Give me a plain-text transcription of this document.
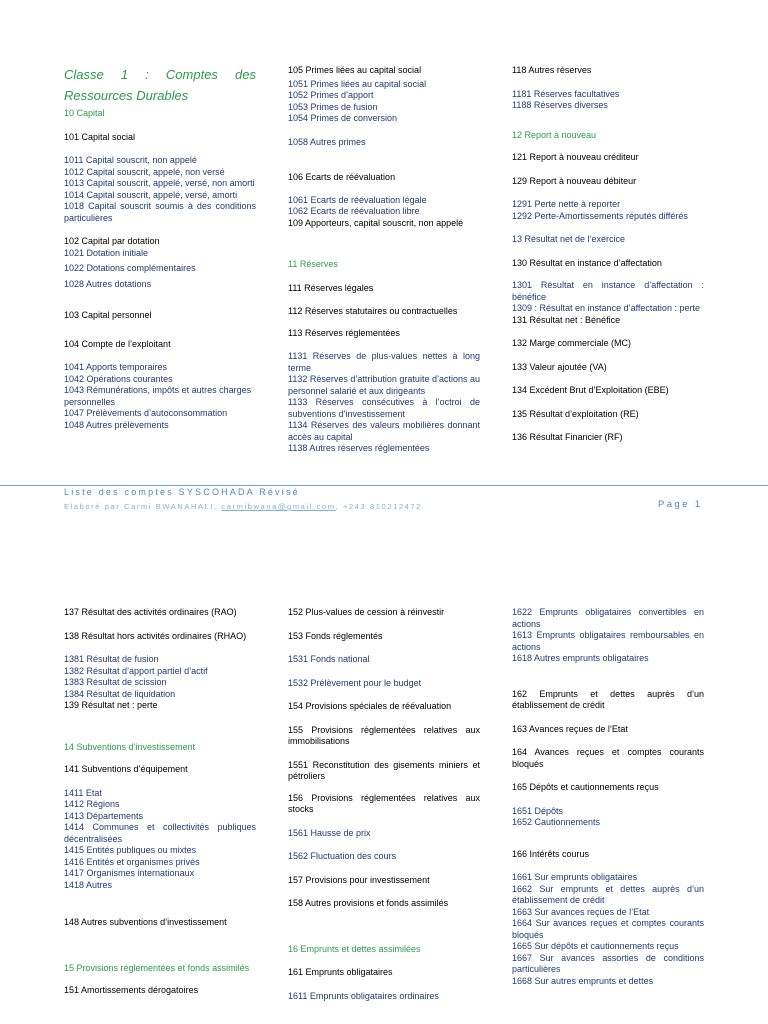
Classe 1 : Comptes des

Ressources Durables

10 Capital

101 Capital social

1011 Capital souscrit, non appelé

1012 Capital souscrit, appelé, non versé

1013 Capital souscrit, appelé, versé, non amorti

1014 Capital souscrit, appelé, versé, amorti

1018 Capital souscrit soumis à des conditions particulières

102 Capital par dotation

1021 Dotation initiale

1022 Dotations complémentaires

1028 Autres dotations

103 Capital personnel

104 Compte de l’exploitant

1041 Apports temporaires

1042 Opérations courantes

1043 Rémunérations, impôts et autres charges personnelles

1047 Prélèvements d’autoconsommation

1048 Autres prélèvements

105 Primes liées au capital social

1051 Primes liées au capital social

1052 Primes d’apport

1053 Primes de fusion

1054 Primes de conversion

1058 Autres primes

106 Ecarts de réévaluation

1061 Ecarts de réévaluation légale

1062 Ecarts de réévaluation libre

109 Apporteurs, capital souscrit, non appelé

11 Réserves

111 Réserves légales

112 Réserves statutaires ou contractuelles

113 Réserves réglementées

1131 Réserves de plus-values nettes à long terme

1132 Réserves d’attribution gratuite d’actions au personnel salarié et aux dirigeants

1133 Réserves consécutives à l’octroi de subventions d’investissement

1134 Réserves des valeurs mobilières donnant accès au capital

1138 Autres réserves réglementées

118 Autres réserves

1181 Réserves facultatives

1188 Réserves diverses

12 Report à nouveau

121 Report à nouveau créditeur

129 Report à nouveau débiteur

1291 Perte nette à reporter

1292 Perte-Amortissements réputés différés

13 Résultat net de l’exercice

130 Résultat en instance d’affectation

1301 Résultat en instance d’affectation : bénéfice

1309 : Résultat en instance d’affectation : perte

131 Résultat net : Bénéfice

132 Marge commerciale (MC)

133 Valeur ajoutée (VA)

134 Excédent Brut d’Exploitation (EBE)

135 Résultat d’exploitation (RE)

136 Résultat Financier (RF)

Liste des comptes SYSCOHADA Révisé
Elaboré par Carmi BWANAHALI, carmibwana@gmail.com, +243 810212472	Page 1

137 Résultat des activités ordinaires (RAO)

138 Résultat hors activités ordinaires (RHAO)

1381 Résultat de fusion

1382 Résultat d’apport partiel d’actif

1383 Résultat de scission

1384 Résultat de liquidation

139 Résultat net : perte

14 Subventions d’investissement

141 Subventions d’équipement

1411 Etat

1412 Régions

1413 Départements

1414 Communes et collectivités publiques décentralisées

1415 Entités publiques ou mixtes

1416 Entités et organismes privés

1417 Organismes internationaux

1418 Autres

148 Autres subventions d’investissement

15 Provisions réglementées et fonds assimilés

151 Amortissements dérogatoires

152 Plus-values de cession à réinvestir

153 Fonds réglementés

1531 Fonds national

1532 Prélèvement pour le budget

154 Provisions spéciales de réévaluation

155 Provisions réglementées relatives aux immobilisations

1551 Reconstitution des gisements miniers et pétroliers

156 Provisions réglementées relatives aux stocks

1561 Hausse de prix

1562 Fluctuation des cours

157 Provisions pour investissement

158 Autres provisions et fonds assimilés

16 Emprunts et dettes assimilées

161 Emprunts obligataires

1611 Emprunts obligataires ordinaires

1622 Emprunts obligataires convertibles en actions

1613 Emprunts obligataires remboursables en actions

1618 Autres emprunts obligataires

162 Emprunts et dettes auprès d’un établissement de crédit

163 Avances reçues de l’Etat

164 Avances reçues et comptes courants bloqués

165 Dépôts et cautionnements reçus

1651 Dépôts

1652 Cautionnements

166 Intérêts courus

1661 Sur emprunts obligataires

1662 Sur emprunts et dettes auprès d’un établissement de crédit

1663 Sur avances reçues de l’Etat

1664 Sur avances reçues et comptes courants bloqués

1665 Sur dépôts et cautionnements reçus

1667 Sur avances assorties de conditions particulières

1668 Sur autres emprunts et dettes
